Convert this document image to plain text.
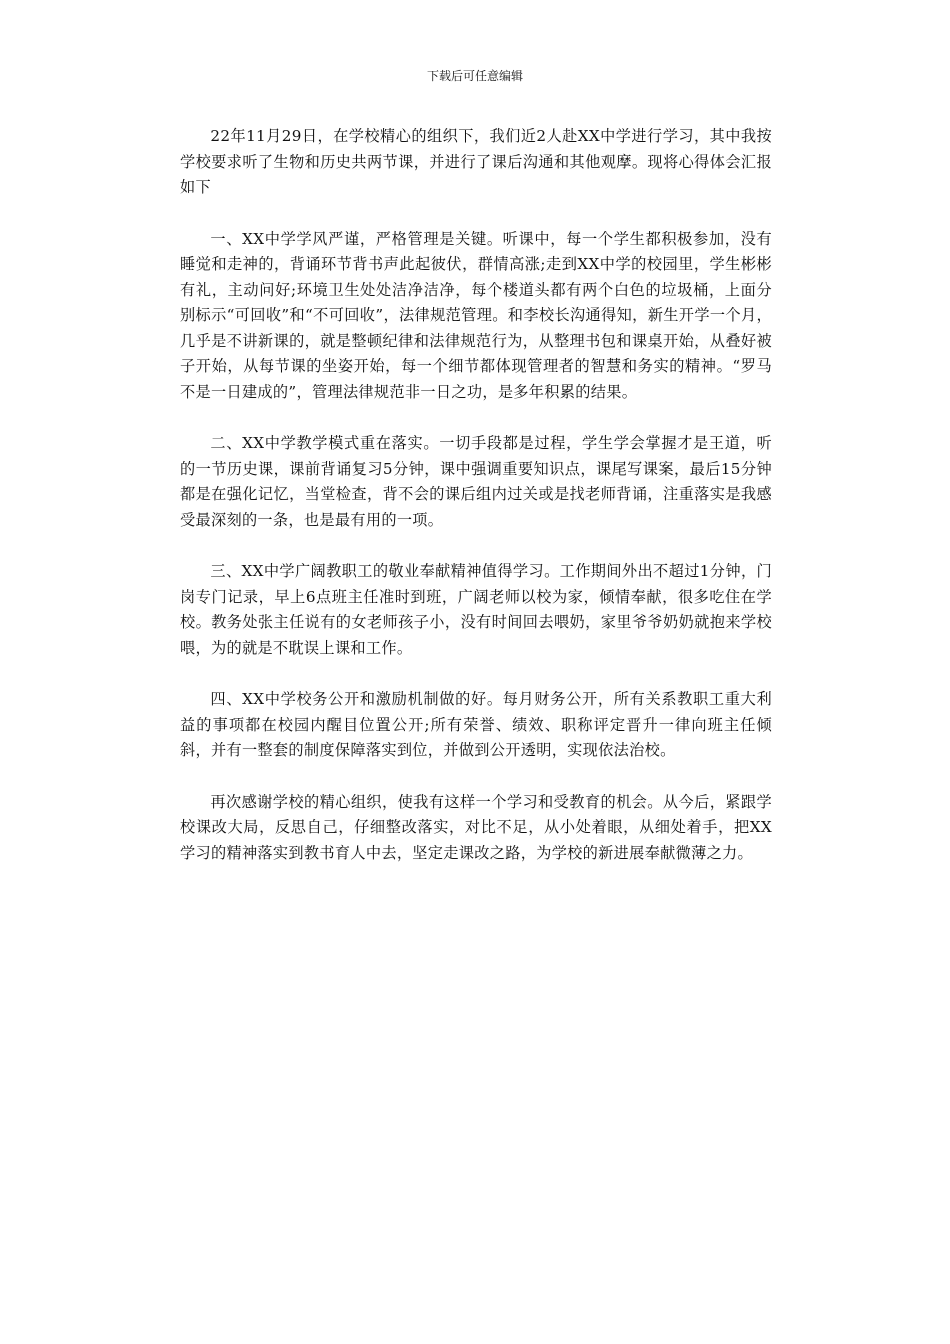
下载后可任意编辑

22年11月29日，在学校精心的组织下，我们近2人赴XX中学进行学习，其中我按学校要求听了生物和历史共两节课，并进行了课后沟通和其他观摩。现将心得体会汇报如下

一、XX中学学风严谨，严格管理是关键。听课中，每一个学生都积极参加，没有睡觉和走神的，背诵环节背书声此起彼伏，群情高涨;走到XX中学的校园里，学生彬彬有礼，主动问好;环境卫生处处洁净洁净，每个楼道头都有两个白色的垃圾桶，上面分别标示“可回收”和“不可回收”，法律规范管理。和李校长沟通得知，新生开学一个月，几乎是不讲新课的，就是整顿纪律和法律规范行为，从整理书包和课桌开始，从叠好被子开始，从每节课的坐姿开始，每一个细节都体现管理者的智慧和务实的精神。“罗马不是一日建成的”，管理法律规范非一日之功，是多年积累的结果。

二、XX中学教学模式重在落实。一切手段都是过程，学生学会掌握才是王道，听的一节历史课，课前背诵复习5分钟，课中强调重要知识点，课尾写课案，最后15分钟都是在强化记忆，当堂检查，背不会的课后组内过关或是找老师背诵，注重落实是我感受最深刻的一条，也是最有用的一项。

三、XX中学广阔教职工的敬业奉献精神值得学习。工作期间外出不超过1分钟，门岗专门记录，早上6点班主任准时到班，广阔老师以校为家，倾情奉献，很多吃住在学校。教务处张主任说有的女老师孩子小，没有时间回去喂奶，家里爷爷奶奶就抱来学校喂，为的就是不耽误上课和工作。

四、XX中学校务公开和激励机制做的好。每月财务公开，所有关系教职工重大利益的事项都在校园内醒目位置公开;所有荣誉、绩效、职称评定晋升一律向班主任倾斜，并有一整套的制度保障落实到位，并做到公开透明，实现依法治校。

再次感谢学校的精心组织，使我有这样一个学习和受教育的机会。从今后，紧跟学校课改大局，反思自己，仔细整改落实，对比不足，从小处着眼，从细处着手，把XX学习的精神落实到教书育人中去，坚定走课改之路，为学校的新进展奉献微薄之力。
